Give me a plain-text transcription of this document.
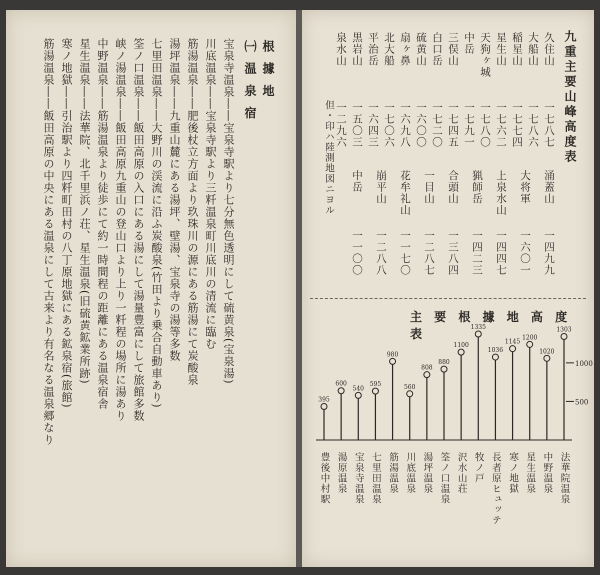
根 據 地
㈠ 温 泉 宿
宝泉寺温泉――宝泉寺駅より七分無色透明にして硫黄泉(宝泉湯)
川底温泉――宝泉寺駅より三粁温泉町川底川の清流に臨む
筋湯温泉――肥後杖立方面より玖珠川の源にある筋湯にて炭酸泉
湯坪温泉――九重山麓にある湯坪、壁湯、宝泉寺の湯等多数
七里田温泉――大野川の渓流に沿ふ炭酸泉(竹田より乗合自動車あり)
筌ノ口温泉――飯田高原の入口にある湯にして湯量豊富にして旅館多数
峡ノ湯温泉――飯田高原九重山の登山口より上り一粁程の場所に湯あり
中野温泉――筋湯温泉より徒歩にて約一時間程の距離にある温泉宿舎
星生温泉――法華院、北千里浜ノ荘、星生温泉(旧硫黄鉱業所跡)
寒ノ地獄――引治駅より四粁町田村の八丁原地獄にある鉱泉宿(旅館)
筋湯温泉――飯田高原の中央にある温泉にして古来より有名なる温泉郷なり	九重主要山峰高度表
久住山
一七八七
大船山
一七八六
稲星山
一七七四
星生山
一七六二
天狗ヶ城
一七八〇
中岳
一七九一
三俣山
一七四五
白口岳
一七二〇
硫黄山
一六〇〇
扇ヶ鼻
一六九八
北大船
一七〇六
平治岳
一六四三
黒岩山
一五〇三
泉水山
一二九六
涌蓋山
一四九九
大将軍
一六〇一
上泉水山
一四四七
猟師岳
一四二三
合頭山
一三八四
一目山
一二八七
花牟礼山
一一七〇
崩平山
一二八八
中岳
一一〇〇
但・印ハ陸測地図ニヨル
主 要 根 據 地 高 度 表
500
1000
1303
法華院温泉
1020
中野温泉
1200
星生温泉
1145
寒ノ地獄
1036
長者原ヒュッテ
1335
牧ノ戸
1100
沢水山荘
880
筌ノ口温泉
808
湯坪温泉
560
川底温泉
980
筋湯温泉
595
七里田温泉
540
宝泉寺温泉
600
湯原温泉
395
豊後中村駅
